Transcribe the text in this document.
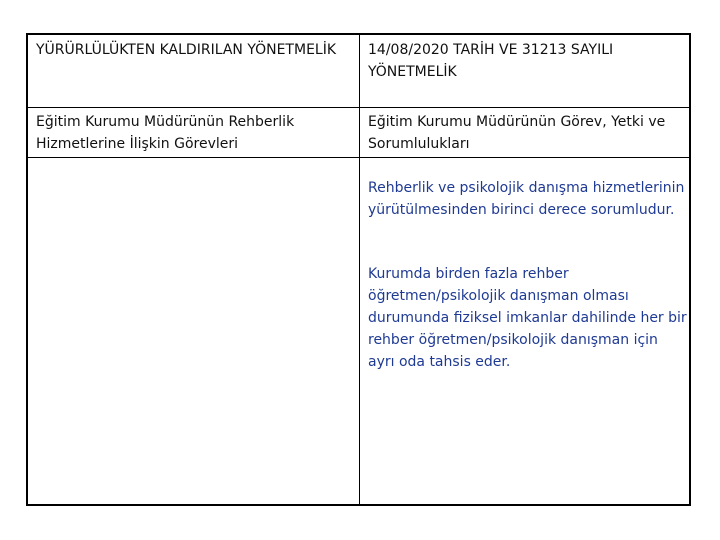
YÜRÜRLÜLÜKTEN KALDIRILAN YÖNETMELİK	14/08/2020 TARİH VE 31213 SAYILI YÖNETMELİK
Eğitim Kurumu Müdürünün Rehberlik Hizmetlerine İlişkin Görevleri
Eğitim Kurumu Müdürünün Görev, Yetki ve Sorumlulukları

Rehberlik ve psikolojik danışma hizmetlerinin yürütülmesinden birinci derece sorumludur.

Kurumda birden fazla rehber öğretmen/psikolojik danışman olması durumunda fiziksel imkanlar dahilinde her bir rehber öğretmen/psikolojik danışman için ayrı oda tahsis eder.
